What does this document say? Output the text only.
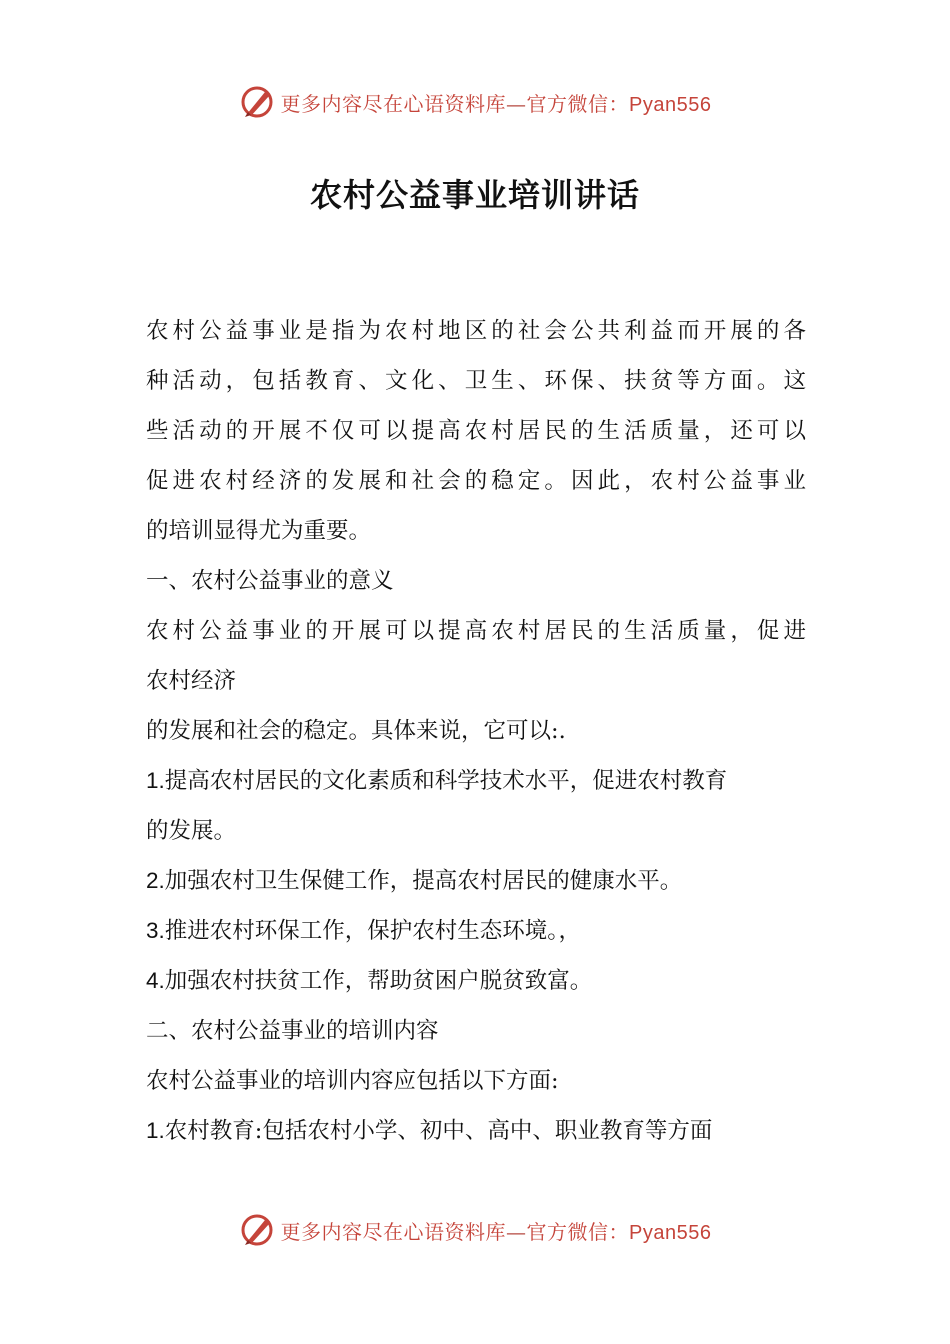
更多内容尽在心语资料库—官方微信：Pyan556
农村公益事业培训讲话
农村公益事业是指为农村地区的社会公共利益而开展的各
种活动，包括教育、文化、卫生、环保、扶贫等方面。这
些活动的开展不仅可以提高农村居民的生活质量，还可以
促进农村经济的发展和社会的稳定。因此，农村公益事业
的培训显得尤为重要。
一、农村公益事业的意义
农村公益事业的开展可以提高农村居民的生活质量，促进
农村经济
的发展和社会的稳定。具体来说，它可以:.
1.提高农村居民的文化素质和科学技术水平，促进农村教育
的发展。
2.加强农村卫生保健工作，提高农村居民的健康水平。
3.推进农村环保工作，保护农村生态环境。，
4.加强农村扶贫工作，帮助贫困户脱贫致富。
二、农村公益事业的培训内容
农村公益事业的培训内容应包括以下方面:
1.农村教育:包括农村小学、初中、高中、职业教育等方面
更多内容尽在心语资料库—官方微信：Pyan556
